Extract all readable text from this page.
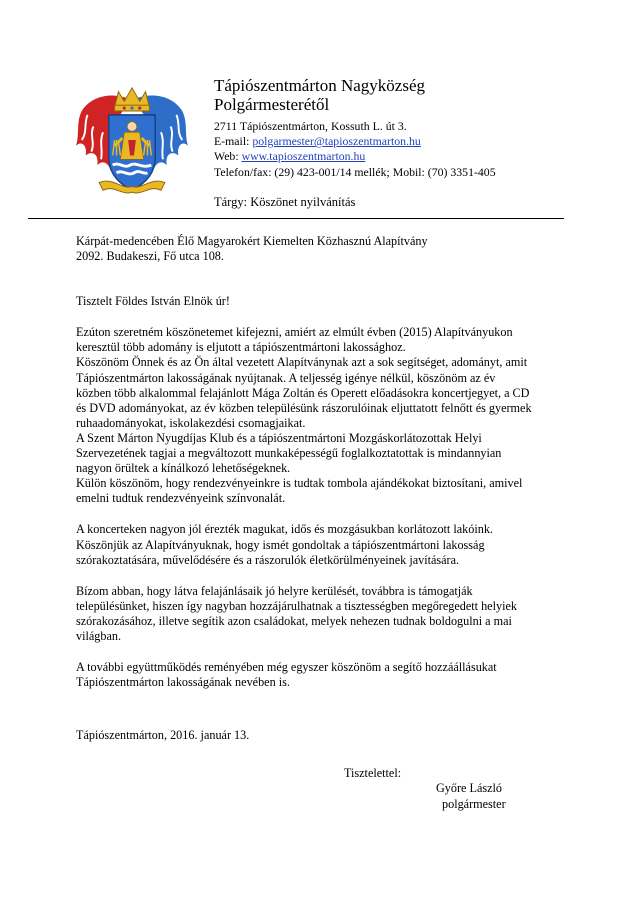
Tápiószentmárton Nagyközség
Polgármesterétől
2711 Tápiószentmárton, Kossuth L. út 3.
E-mail: polgarmester@tapioszentmarton.hu
Web: www.tapioszentmarton.hu
Telefon/fax: (29) 423-001/14 mellék; Mobil: (70) 3351-405
Tárgy: Köszönet nyilvánítás

Kárpát-medencében Élő Magyarokért Kiemelten Közhasznú Alapítvány

2092. Budakeszi, Fő utca 108.

Tisztelt Földes István Elnök úr!

Ezúton szeretném köszönetemet kifejezni, amiért az elmúlt évben (2015) Alapítványukon
keresztül több adomány is eljutott a tápiószentmártoni lakossághoz.
Köszönöm Önnek és az Ön által vezetett Alapítványnak azt a sok segítséget, adományt, amit
Tápiószentmárton lakosságának nyújtanak. A teljesség igénye nélkül, köszönöm az év
közben több alkalommal felajánlott Mága Zoltán és Operett előadásokra koncertjegyet, a CD
és DVD adományokat, az év közben településünk rászorulóinak eljuttatott felnőtt és gyermek
ruhaadományokat, iskolakezdési csomagjaikat.
A Szent Márton Nyugdíjas Klub és a tápiószentmártoni Mozgáskorlátozottak Helyi
Szervezetének tagjai a megváltozott munkaképességű foglalkoztatottak is mindannyian
nagyon örültek a kínálkozó lehetőségeknek.
Külön köszönöm, hogy rendezvényeinkre is tudtak tombola ajándékokat biztosítani, amivel
emelni tudtuk rendezvényeink színvonalát.

A koncerteken nagyon jól érezték magukat, idős és mozgásukban korlátozott lakóink.
Köszönjük az Alapítványuknak, hogy ismét gondoltak a tápiószentmártoni lakosság
szórakoztatására, művelődésére és a rászorulók életkörülményeinek javítására.

Bízom abban, hogy látva felajánlásaik jó helyre kerülését, továbbra is támogatják
településünket, hiszen így nagyban hozzájárulhatnak a tisztességben megőregedett helyiek
szórakozásához, illetve segítik azon családokat, melyek nehezen tudnak boldogulni a mai
világban.

A további együttműködés reményében még egyszer köszönöm a segítő hozzáállásukat
Tápiószentmárton lakosságának nevében is.

Tápiószentmárton, 2016. január 13.

Tisztelettel:

Győre László

polgármester
